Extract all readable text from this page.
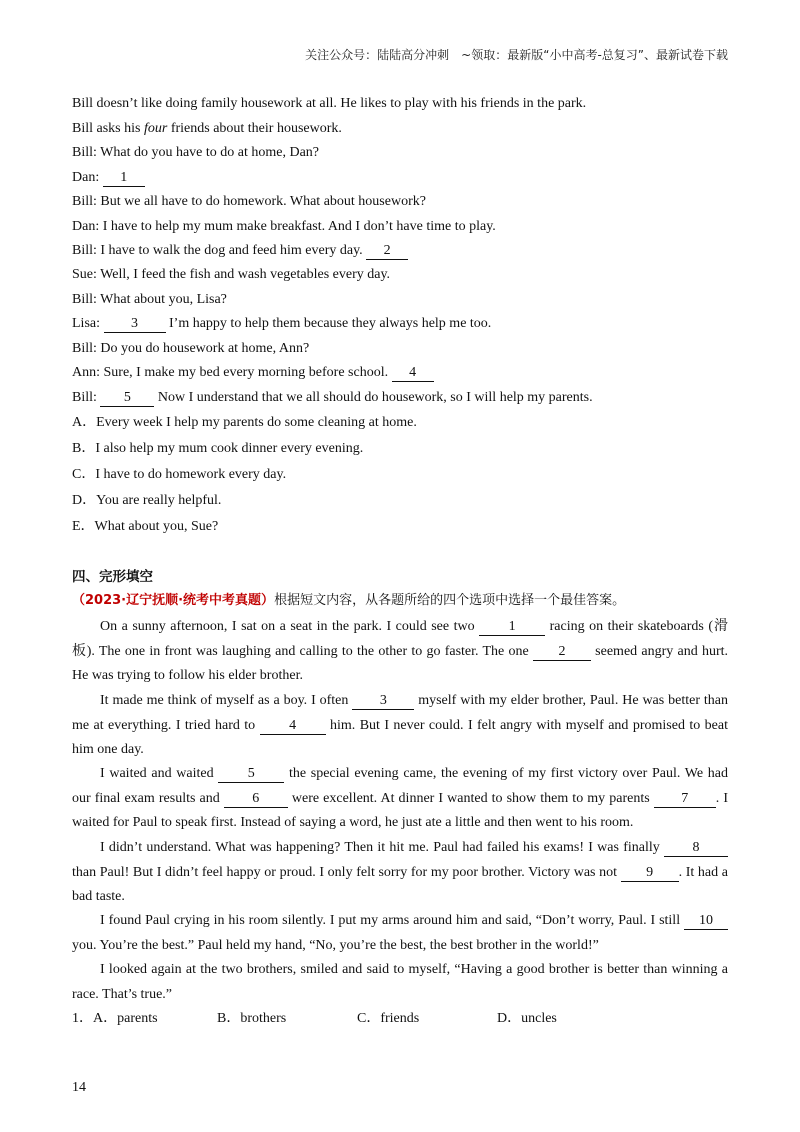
关注公众号：陆陆高分冲刺　~领取：最新版“小中高考-总复习”、最新试卷下载
Bill doesn’t like doing family housework at all. He likes to play with his friends in the park.
Bill asks his four friends about their housework.
Bill: What do you have to do at home, Dan?
Dan: 1
Bill: But we all have to do homework. What about housework?
Dan: I have to help my mum make breakfast. And I don’t have time to play.
Bill: I have to walk the dog and feed him every day. 2
Sue: Well, I feed the fish and wash vegetables every day.
Bill: What about you, Lisa?
Lisa: 3 I’m happy to help them because they always help me too.
Bill: Do you do housework at home, Ann?
Ann: Sure, I make my bed every morning before school. 4
Bill: 5 Now I understand that we all should do housework, so I will help my parents.
A．Every week I help my parents do some cleaning at home.
B．I also help my mum cook dinner every evening.
C．I have to do homework every day.
D．You are really helpful.
E．What about you, Sue?
四、完形填空
（2023·辽宁抚顺·统考中考真题）根据短文内容，从各题所给的四个选项中选择一个最佳答案。
On a sunny afternoon, I sat on a seat in the park. I could see two 1 racing on their skateboards (滑板). The one in front was laughing and calling to the other to go faster. The one 2 seemed angry and hurt. He was trying to follow his elder brother.
It made me think of myself as a boy. I often 3 myself with my elder brother, Paul. He was better than me at everything. I tried hard to 4 him. But I never could. I felt angry with myself and promised to beat him one day.
I waited and waited 5 the special evening came, the evening of my first victory over Paul. We had our final exam results and 6 were excellent. At dinner I wanted to show them to my parents 7 . I waited for Paul to speak first. Instead of saying a word, he just ate a little and then went to his room.
I didn’t understand. What was happening? Then it hit me. Paul had failed his exams! I was finally 8 than Paul! But I didn’t feel happy or proud. I only felt sorry for my poor brother. Victory was not 9 . It had a bad taste.
I found Paul crying in his room silently. I put my arms around him and said, “Don’t worry, Paul. I still 10 you. You’re the best.” Paul held my hand, “No, you’re the best, the best brother in the world!”
I looked again at the two brothers, smiled and said to myself, “Having a good brother is better than winning a race. That’s true.”
1．A．parents	B．brothers	C．friends	D．uncles
14
